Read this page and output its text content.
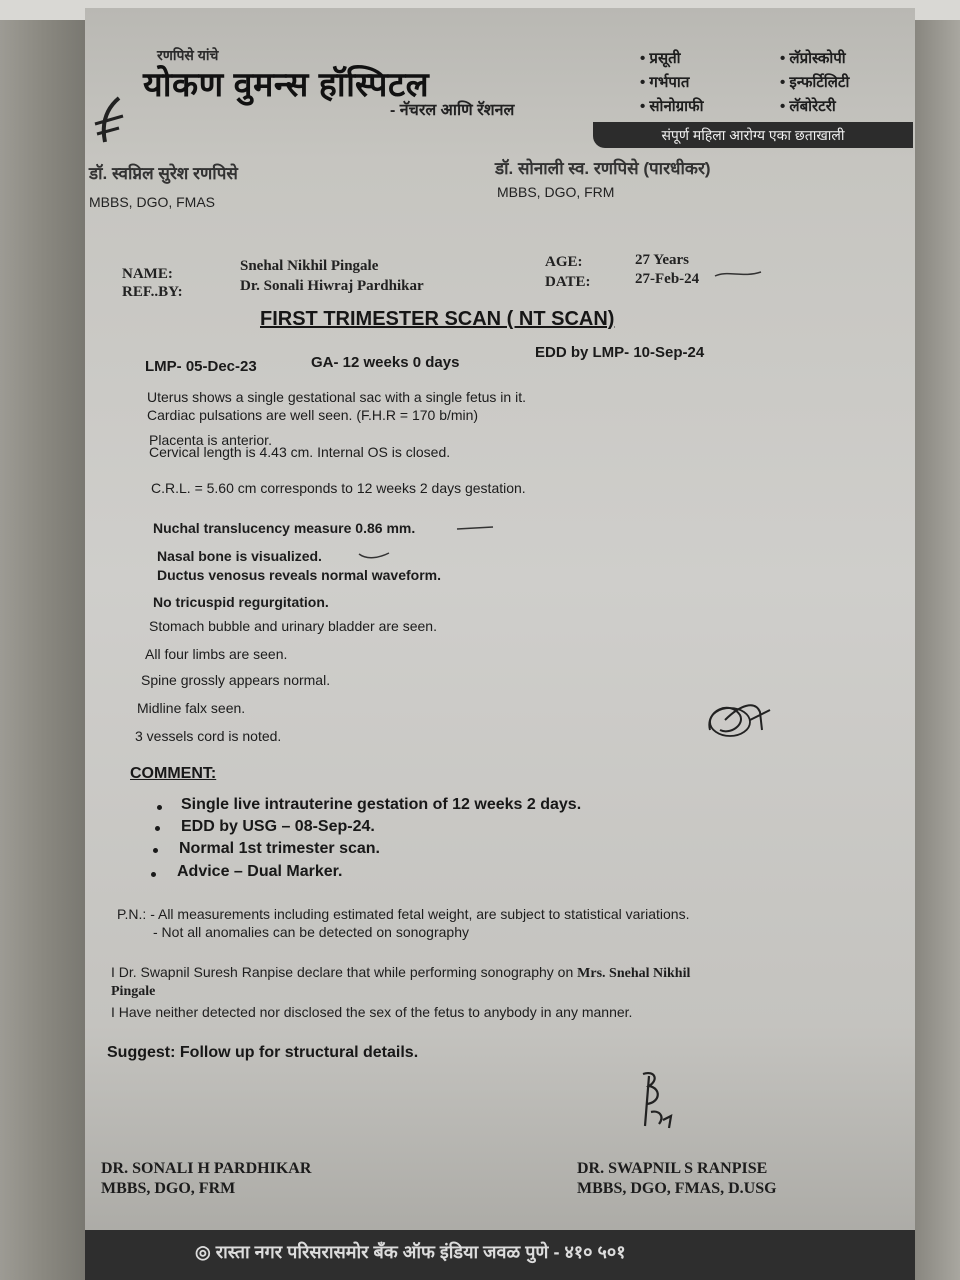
रणपिसे यांचे
योकण वुमन्स हॉस्पिटल
- नॅचरल आणि रॅशनल
• प्रसूती	• लॅप्रोस्कोपी
• गर्भपात	• इन्फर्टिलिटी
• सोनोग्राफी	• लॅबोरेटरी
संपूर्ण महिला आरोग्य एका छताखाली
डॉ. स्वप्निल सुरेश रणपिसे
MBBS, DGO, FMAS
डॉ. सोनाली स्व. रणपिसे (पारधीकर)
MBBS, DGO, FRM
NAME:	Snehal Nikhil Pingale
REF..BY:	Dr. Sonali Hiwraj Pardhikar
AGE:	27 Years
DATE:	27-Feb-24
FIRST TRIMESTER SCAN ( NT SCAN)
LMP- 05-Dec-23	GA- 12 weeks 0 days
EDD by LMP- 10-Sep-24
Uterus shows a single gestational sac with a single fetus in it.
Cardiac pulsations are well seen. (F.H.R = 170 b/min)
Placenta is anterior.
Cervical length is 4.43 cm. Internal OS is closed.
C.R.L. = 5.60 cm corresponds to 12 weeks 2 days gestation.
Nuchal translucency measure 0.86 mm.
Nasal bone is visualized.
Ductus venosus reveals normal waveform.
No tricuspid regurgitation.
Stomach bubble and urinary bladder are seen.
All four limbs are seen.
Spine grossly appears normal.
Midline falx seen.
3 vessels cord is noted.
COMMENT:
Single live intrauterine gestation of 12 weeks 2 days.
EDD by USG – 08-Sep-24.
Normal 1st trimester scan.
Advice – Dual Marker.
P.N.: - All measurements including estimated fetal weight, are subject to statistical variations.
- Not all anomalies can be detected on sonography
I Dr. Swapnil Suresh Ranpise declare that while performing sonography on Mrs. Snehal Nikhil
Pingale
I Have neither detected nor disclosed the sex of the fetus to anybody in any manner.
Suggest: Follow up for structural details.
DR. SONALI H PARDHIKAR
MBBS, DGO, FRM
DR. SWAPNIL S RANPISE
MBBS, DGO, FMAS, D.USG
◎ रास्ता नगर परिसरासमोर बँक ऑफ इंडिया जवळ पुणे - ४१० ५०१
